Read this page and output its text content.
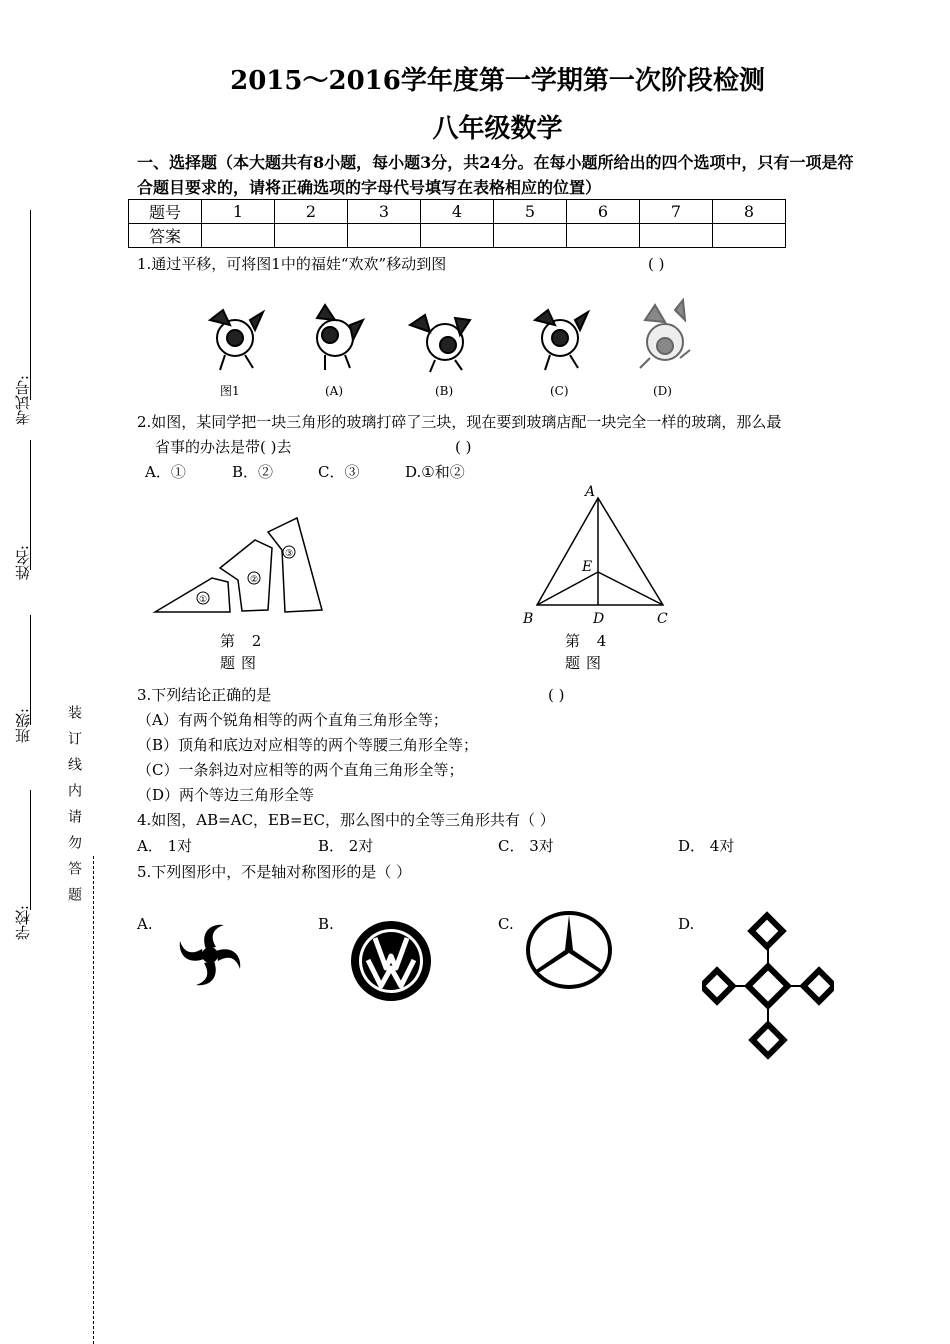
考试号:
姓名:
班级:
学校:
装订线内请勿答题
2015～2016学年度第一学期第一次阶段检测
八年级数学
一、选择题（本大题共有8小题，每小题3分，共24分。在每小题所给出的四个选项中，只有一项是符合题目要求的，请将正确选项的字母代号填写在表格相应的位置）
题号	1	2	3	4	5	6	7	8
答案								
1.通过平移，可将图1中的福娃“欢欢”移动到图	( )
图1	(A)	(B)	(C)	(D)
2.如图，某同学把一块三角形的玻璃打碎了三块，现在要到玻璃店配一块完全一样的玻璃，那么最
省事的办法是带( )去	( )
A．①	B．②	C．③	D.①和②
①
②
③
第 2 题图
A
B	C
D
E
第 4 题图
3.下列结论正确的是	( )
（A）有两个锐角相等的两个直角三角形全等；
（B）顶角和底边对应相等的两个等腰三角形全等；
（C）一条斜边对应相等的两个直角三角形全等；
（D）两个等边三角形全等
4.如图，AB=AC，EB=EC，那么图中的全等三角形共有（ ）
A． 1对	B． 2对	C． 3对	D． 4对
5.下列图形中，不是轴对称图形的是（ ）
A.	B.	C.	D.
